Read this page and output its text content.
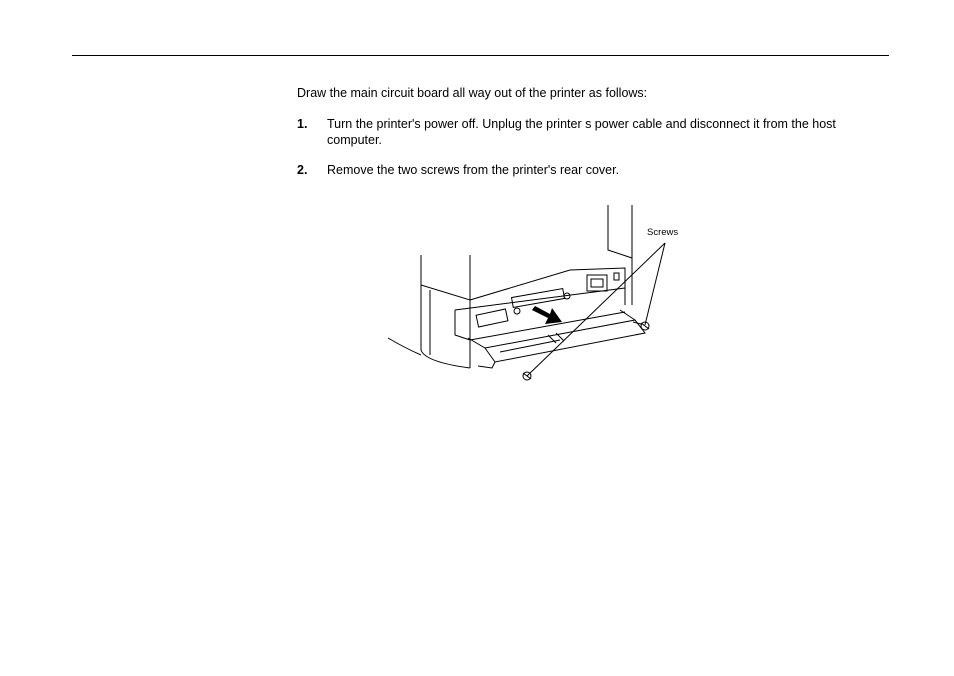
Draw the main circuit board all way out of the printer as follows:
1. Turn the printer's power off. Unplug the printer s power cable and disconnect it from the host computer.
2. Remove the two screws from the printer's rear cover.
Screws
